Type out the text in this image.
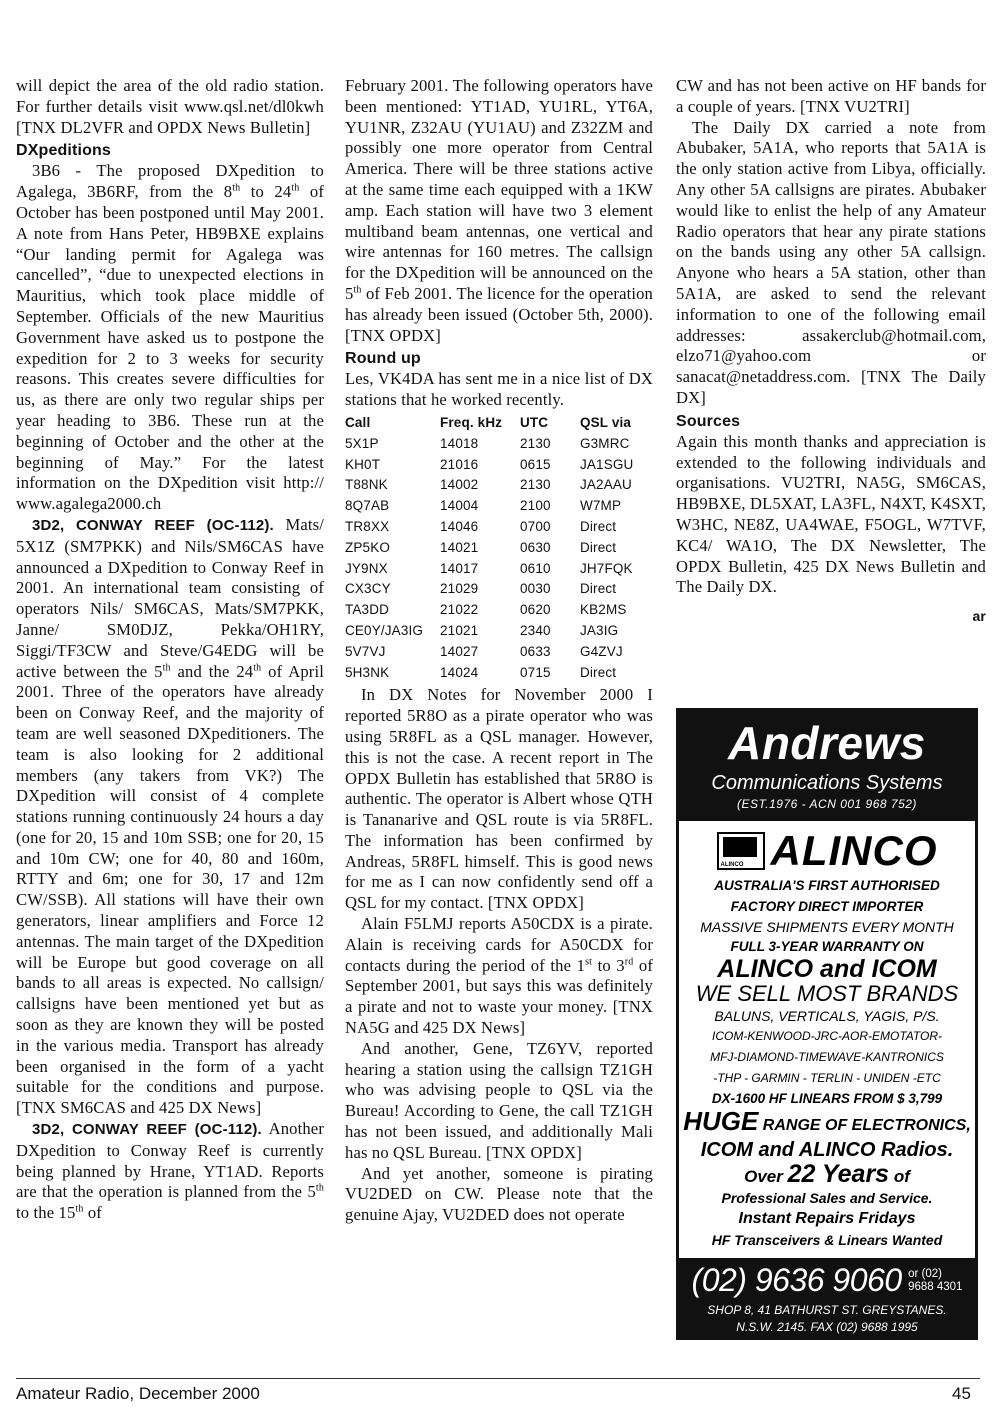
will depict the area of the old radio station. For further details visit www.qsl.net/dl0kwh [TNX DL2VFR and OPDX News Bulletin]

DXpeditions

3B6 - The proposed DXpedition to Agalega, 3B6RF, from the 8th to 24th of October has been postponed until May 2001. A note from Hans Peter, HB9BXE explains “Our landing permit for Agalega was cancelled”, “due to unexpected elections in Mauritius, which took place middle of September. Officials of the new Mauritius Government have asked us to postpone the expedition for 2 to 3 weeks for security reasons. This creates severe difficulties for us, as there are only two regular ships per year heading to 3B6. These run at the beginning of October and the other at the beginning of May.” For the latest information on the DXpedition visit http:// www.agalega2000.ch

3D2, CONWAY REEF (OC-112). Mats/ 5X1Z (SM7PKK) and Nils/SM6CAS have announced a DXpedition to Conway Reef in 2001. An international team consisting of operators Nils/ SM6CAS, Mats/SM7PKK, Janne/ SM0DJZ, Pekka/OH1RY, Siggi/TF3CW and Steve/G4EDG will be active between the 5th and the 24th of April 2001. Three of the operators have already been on Conway Reef, and the majority of team are well seasoned DXpeditioners. The team is also looking for 2 additional members (any takers from VK?) The DXpedition will consist of 4 complete stations running continuously 24 hours a day (one for 20, 15 and 10m SSB; one for 20, 15 and 10m CW; one for 40, 80 and 160m, RTTY and 6m; one for 30, 17 and 12m CW/SSB). All stations will have their own generators, linear amplifiers and Force 12 antennas. The main target of the DXpedition will be Europe but good coverage on all bands to all areas is expected. No callsign/ callsigns have been mentioned yet but as soon as they are known they will be posted in the various media. Transport has already been organised in the form of a yacht suitable for the conditions and purpose. [TNX SM6CAS and 425 DX News]

3D2, CONWAY REEF (OC-112). Another DXpedition to Conway Reef is currently being planned by Hrane, YT1AD. Reports are that the operation is planned from the 5th to the 15th of

February 2001. The following operators have been mentioned: YT1AD, YU1RL, YT6A, YU1NR, Z32AU (YU1AU) and Z32ZM and possibly one more operator from Central America. There will be three stations active at the same time each equipped with a 1KW amp. Each station will have two 3 element multiband beam antennas, one vertical and wire antennas for 160 metres. The callsign for the DXpedition will be announced on the 5th of Feb 2001. The licence for the operation has already been issued (October 5th, 2000). [TNX OPDX]

Round up

Les, VK4DA has sent me in a nice list of DX stations that he worked recently.

Call	Freq. kHz	UTC	QSL via
5X1P	14018	2130	G3MRC
KH0T	21016	0615	JA1SGU
T88NK	14002	2130	JA2AAU
8Q7AB	14004	2100	W7MP
TR8XX	14046	0700	Direct
ZP5KO	14021	0630	Direct
JY9NX	14017	0610	JH7FQK
CX3CY	21029	0030	Direct
TA3DD	21022	0620	KB2MS
CE0Y/JA3IG	21021	2340	JA3IG
5V7VJ	14027	0633	G4ZVJ
5H3NK	14024	0715	Direct

In DX Notes for November 2000 I reported 5R8O as a pirate operator who was using 5R8FL as a QSL manager. However, this is not the case. A recent report in The OPDX Bulletin has established that 5R8O is authentic. The operator is Albert whose QTH is Tananarive and QSL route is via 5R8FL. The information has been confirmed by Andreas, 5R8FL himself. This is good news for me as I can now confidently send off a QSL for my contact. [TNX OPDX]

Alain F5LMJ reports A50CDX is a pirate. Alain is receiving cards for A50CDX for contacts during the period of the 1st to 3rd of September 2001, but says this was definitely a pirate and not to waste your money. [TNX NA5G and 425 DX News]

And another, Gene, TZ6YV, reported hearing a station using the callsign TZ1GH who was advising people to QSL via the Bureau! According to Gene, the call TZ1GH has not been issued, and additionally Mali has no QSL Bureau. [TNX OPDX]

And yet another, someone is pirating VU2DED on CW. Please note that the genuine Ajay, VU2DED does not operate

CW and has not been active on HF bands for a couple of years. [TNX VU2TRI]

The Daily DX carried a note from Abubaker, 5A1A, who reports that 5A1A is the only station active from Libya, officially. Any other 5A callsigns are pirates. Abubaker would like to enlist the help of any Amateur Radio operators that hear any pirate stations on the bands using any other 5A callsign. Anyone who hears a 5A station, other than 5A1A, are asked to send the relevant information to one of the following email addresses: assakerclub@hotmail.com, elzo71@yahoo.com or sanacat@netaddress.com. [TNX The Daily DX]

Sources

Again this month thanks and appreciation is extended to the following individuals and organisations. VU2TRI, NA5G, SM6CAS, HB9BXE, DL5XAT, LA3FL, N4XT, K4SXT, W3HC, NE8Z, UA4WAE, F5OGL, W7TVF, KC4/ WA1O, The DX Newsletter, The OPDX Bulletin, 425 DX News Bulletin and The Daily DX.

ar
Andrews
Communications Systems
(EST.1976 - ACN 001 968 752)
ALINCO ALINCO
AUSTRALIA'S FIRST AUTHORISED
FACTORY DIRECT IMPORTER
MASSIVE SHIPMENTS EVERY MONTH
FULL 3-YEAR WARRANTY ON
ALINCO and ICOM
WE SELL MOST BRANDS
BALUNS, VERTICALS, YAGIS, P/S.
ICOM-KENWOOD-JRC-AOR-EMOTATOR-
MFJ-DIAMOND-TIMEWAVE-KANTRONICS
-THP - GARMIN - TERLIN - UNIDEN -ETC
DX-1600 HF LINEARS FROM $ 3,799
HUGE RANGE OF ELECTRONICS,
ICOM and ALINCO Radios.
Over 22 Years of
Professional Sales and Service.
Instant Repairs Fridays
HF Transceivers & Linears Wanted
(02) 9636 9060 or (02)
9688 4301
SHOP 8, 41 BATHURST ST. GREYSTANES.
N.S.W. 2145. FAX (02) 9688 1995
Amateur Radio, December 2000	45
